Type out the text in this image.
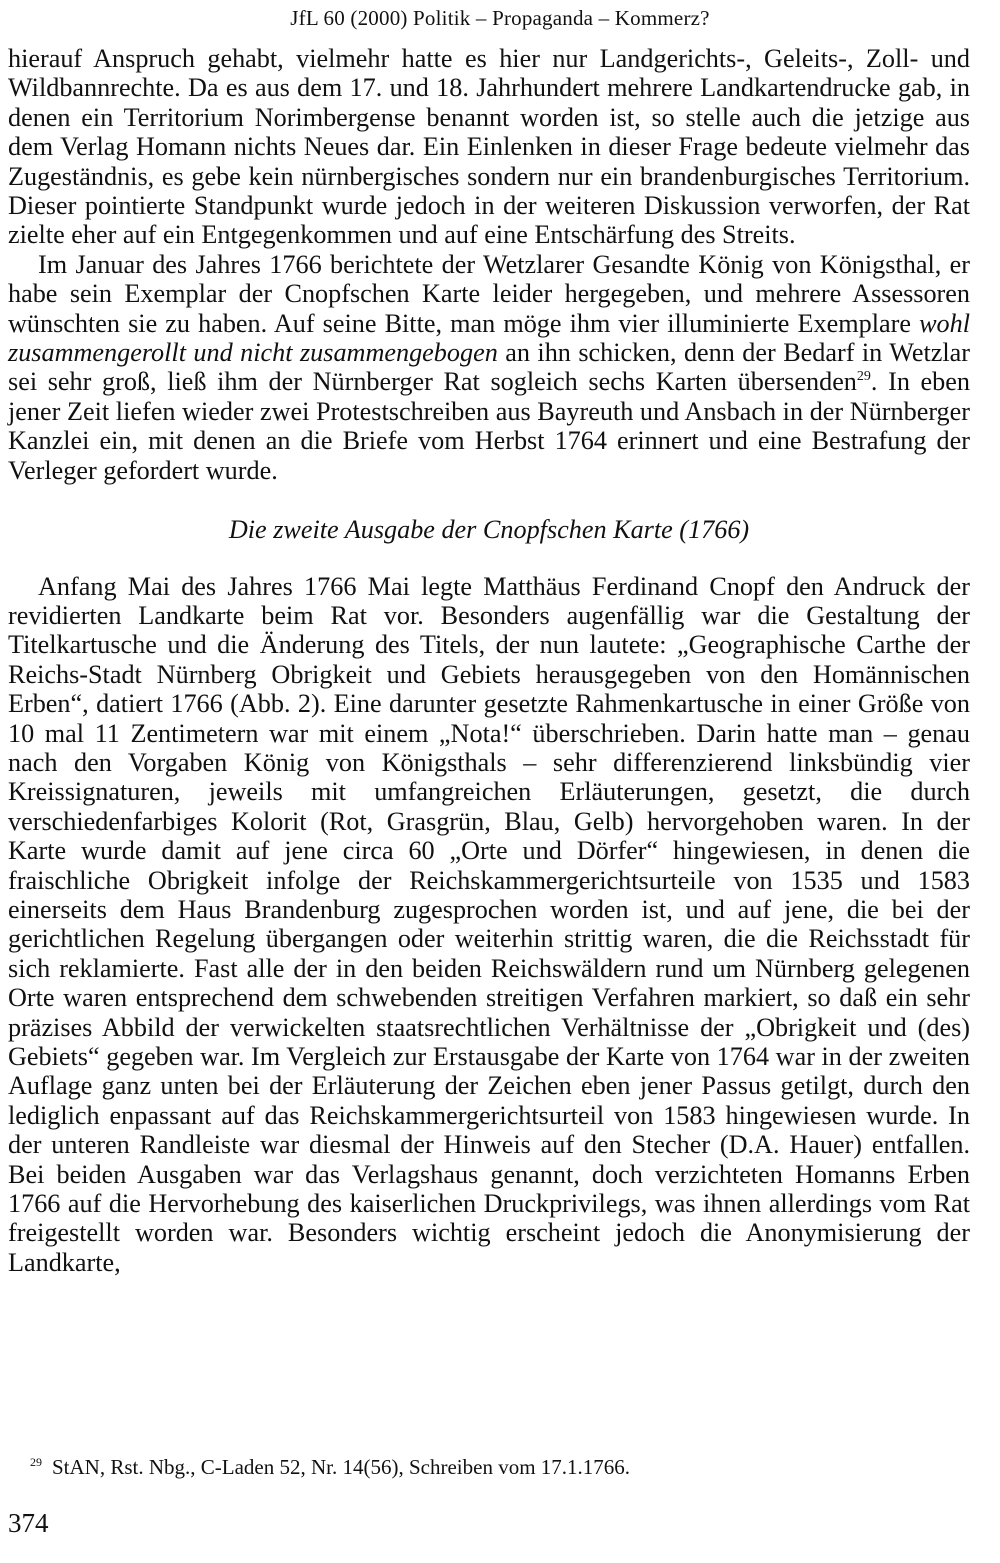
JfL 60 (2000) Politik – Propaganda – Kommerz?

hierauf Anspruch gehabt, vielmehr hatte es hier nur Landgerichts-, Geleits-, Zoll- und Wildbannrechte. Da es aus dem 17. und 18. Jahrhundert mehrere Landkartendrucke gab, in denen ein Territorium Norimbergense benannt worden ist, so stelle auch die jetzige aus dem Verlag Homann nichts Neues dar. Ein Einlenken in dieser Frage bedeute vielmehr das Zugeständnis, es gebe kein nürnbergisches sondern nur ein brandenburgisches Territorium. Dieser pointierte Standpunkt wurde jedoch in der weiteren Diskussion verworfen, der Rat zielte eher auf ein Entgegenkommen und auf eine Entschärfung des Streits.

Im Januar des Jahres 1766 berichtete der Wetzlarer Gesandte König von Königsthal, er habe sein Exemplar der Cnopfschen Karte leider hergegeben, und mehrere Assessoren wünschten sie zu haben. Auf seine Bitte, man möge ihm vier illuminierte Exemplare wohl zusammengerollt und nicht zusammengebogen an ihn schicken, denn der Bedarf in Wetzlar sei sehr groß, ließ ihm der Nürnberger Rat sogleich sechs Karten übersenden$^{29}$. In eben jener Zeit liefen wieder zwei Protestschreiben aus Bayreuth und Ansbach in der Nürnberger Kanzlei ein, mit denen an die Briefe vom Herbst 1764 erinnert und eine Bestrafung der Verleger gefordert wurde.

Die zweite Ausgabe der Cnopfschen Karte (1766)

Anfang Mai des Jahres 1766 Mai legte Matthäus Ferdinand Cnopf den Andruck der revidierten Landkarte beim Rat vor. Besonders augenfällig war die Gestaltung der Titelkartusche und die Änderung des Titels, der nun lautete: „Geographische Carthe der Reichs-Stadt Nürnberg Obrigkeit und Gebiets herausgegeben von den Homännischen Erben“, datiert 1766 (Abb. 2). Eine darunter gesetzte Rahmenkartusche in einer Größe von 10 mal 11 Zentimetern war mit einem „Nota!“ überschrieben. Darin hatte man – genau nach den Vorgaben König von Königsthals – sehr differenzierend linksbündig vier Kreissignaturen, jeweils mit umfangreichen Erläuterungen, gesetzt, die durch verschiedenfarbiges Kolorit (Rot, Grasgrün, Blau, Gelb) hervorgehoben waren. In der Karte wurde damit auf jene circa 60 „Orte und Dörfer“ hingewiesen, in denen die fraischliche Obrigkeit infolge der Reichskammergerichtsurteile von 1535 und 1583 einerseits dem Haus Brandenburg zugesprochen worden ist, und auf jene, die bei der gerichtlichen Regelung übergangen oder weiterhin strittig waren, die die Reichsstadt für sich reklamierte. Fast alle der in den beiden Reichswäldern rund um Nürnberg gelegenen Orte waren entsprechend dem schwebenden streitigen Verfahren markiert, so daß ein sehr präzises Abbild der verwickelten staatsrechtlichen Verhältnisse der „Obrigkeit und (des) Gebiets“ gegeben war. Im Vergleich zur Erstausgabe der Karte von 1764 war in der zweiten Auflage ganz unten bei der Erläuterung der Zeichen eben jener Passus getilgt, durch den lediglich enpassant auf das Reichskammergerichtsurteil von 1583 hingewiesen wurde. In der unteren Randleiste war diesmal der Hinweis auf den Stecher (D.A. Hauer) entfallen. Bei beiden Ausgaben war das Verlagshaus genannt, doch verzichteten Homanns Erben 1766 auf die Hervorhebung des kaiserlichen Druckprivilegs, was ihnen allerdings vom Rat freigestellt worden war. Besonders wichtig erscheint jedoch die Anonymisierung der Landkarte,

$^{29}$ StAN, Rst. Nbg., C-Laden 52, Nr. 14(56), Schreiben vom 17.1.1766.
374
